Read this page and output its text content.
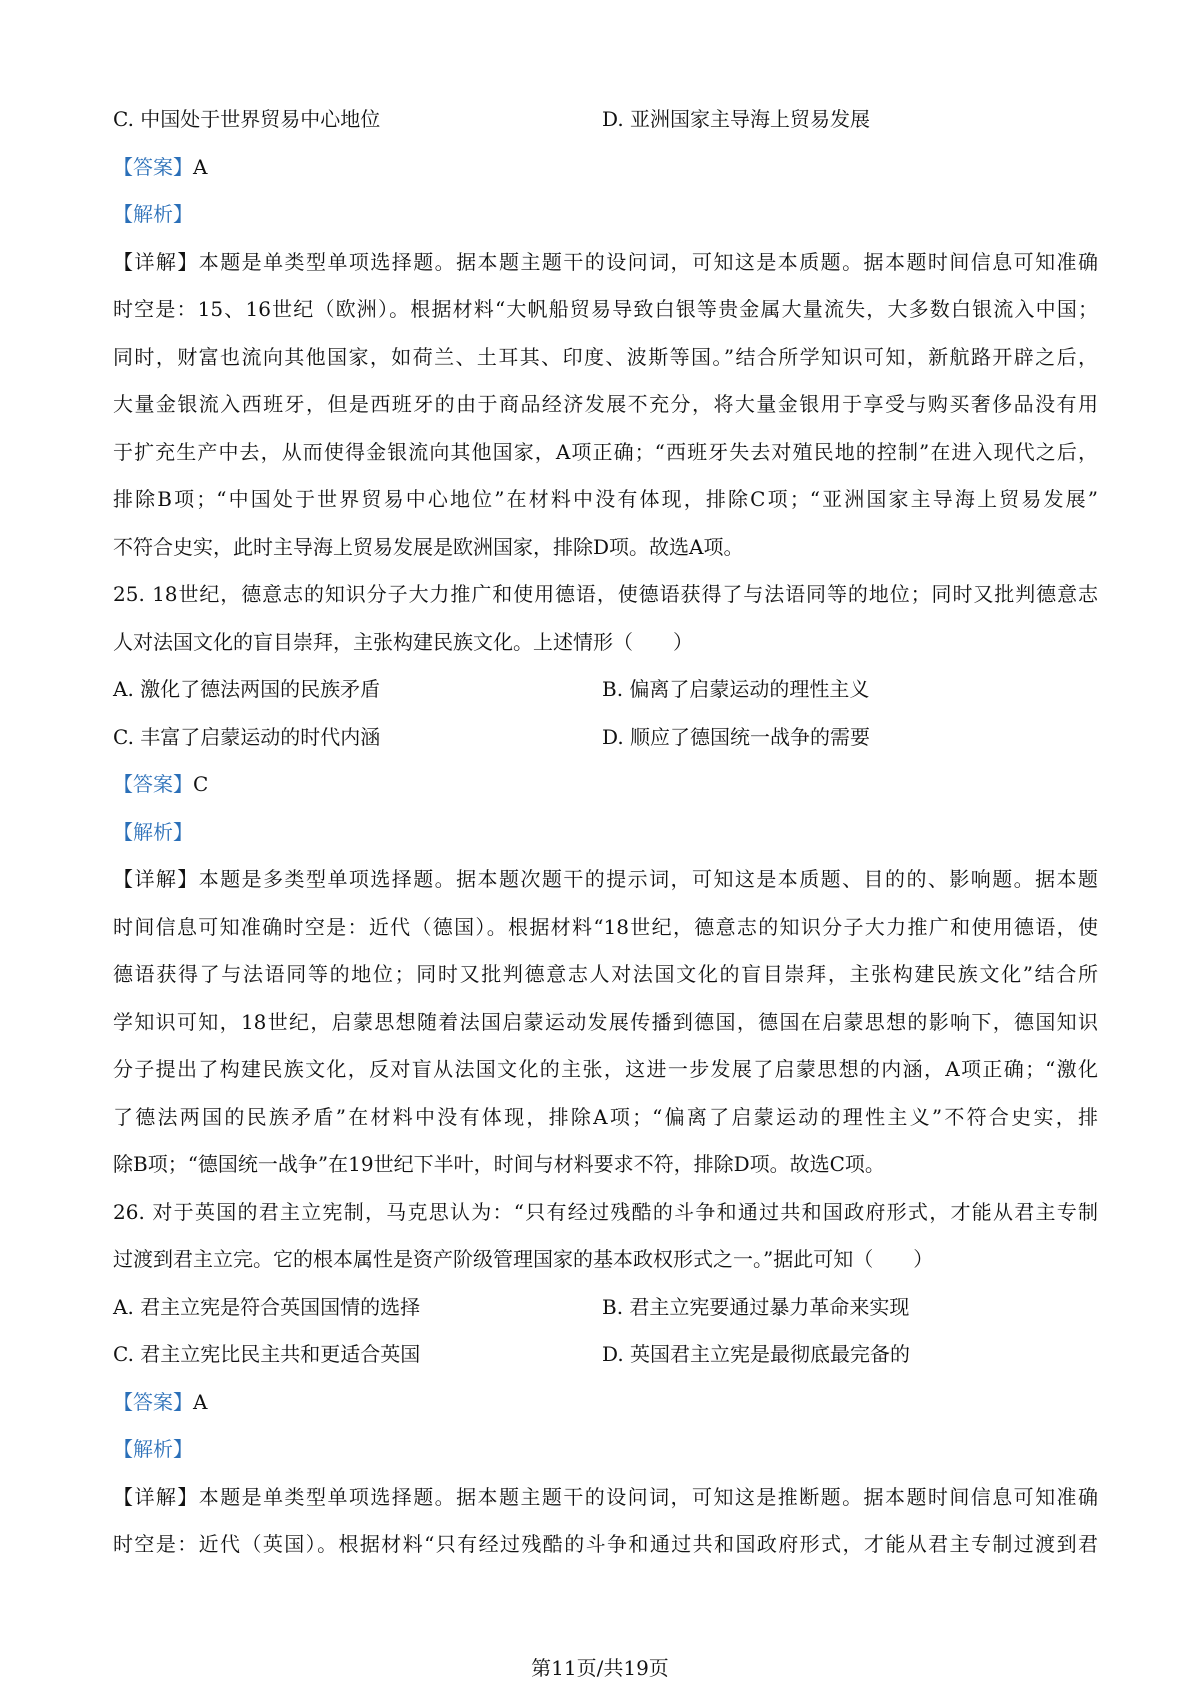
C. 中国处于世界贸易中心地位	D. 亚洲国家主导海上贸易发展
【答案】A
【解析】
【详解】本题是单类型单项选择题。据本题主题干的设问词，可知这是本质题。据本题时间信息可知准确
时空是：15、16世纪（欧洲）。根据材料“大帆船贸易导致白银等贵金属大量流失，大多数白银流入中国；
同时，财富也流向其他国家，如荷兰、土耳其、印度、波斯等国。”结合所学知识可知，新航路开辟之后，
大量金银流入西班牙，但是西班牙的由于商品经济发展不充分，将大量金银用于享受与购买奢侈品没有用
于扩充生产中去，从而使得金银流向其他国家，A项正确；“西班牙失去对殖民地的控制”在进入现代之后，
排除B项；“中国处于世界贸易中心地位”在材料中没有体现，排除C项；“亚洲国家主导海上贸易发展”
不符合史实，此时主导海上贸易发展是欧洲国家，排除D项。故选A项。
25. 18世纪，德意志的知识分子大力推广和使用德语，使德语获得了与法语同等的地位；同时又批判德意志
人对法国文化的盲目崇拜，主张构建民族文化。上述情形（　　）
A. 激化了德法两国的民族矛盾	B. 偏离了启蒙运动的理性主义
C. 丰富了启蒙运动的时代内涵	D. 顺应了德国统一战争的需要
【答案】C
【解析】
【详解】本题是多类型单项选择题。据本题次题干的提示词，可知这是本质题、目的的、影响题。据本题
时间信息可知准确时空是：近代（德国）。根据材料“18世纪，德意志的知识分子大力推广和使用德语，使
德语获得了与法语同等的地位；同时又批判德意志人对法国文化的盲目崇拜，主张构建民族文化”结合所
学知识可知，18世纪，启蒙思想随着法国启蒙运动发展传播到德国，德国在启蒙思想的影响下，德国知识
分子提出了构建民族文化，反对盲从法国文化的主张，这进一步发展了启蒙思想的内涵，A项正确；“激化
了德法两国的民族矛盾”在材料中没有体现，排除A项；“偏离了启蒙运动的理性主义”不符合史实，排
除B项；“德国统一战争”在19世纪下半叶，时间与材料要求不符，排除D项。故选C项。
26. 对于英国的君主立宪制，马克思认为：“只有经过残酷的斗争和通过共和国政府形式，才能从君主专制
过渡到君主立完。它的根本属性是资产阶级管理国家的基本政权形式之一。”据此可知（　　）
A. 君主立宪是符合英国国情的选择	B. 君主立宪要通过暴力革命来实现
C. 君主立宪比民主共和更适合英国	D. 英国君主立宪是最彻底最完备的
【答案】A
【解析】
【详解】本题是单类型单项选择题。据本题主题干的设问词，可知这是推断题。据本题时间信息可知准确
时空是：近代（英国）。根据材料“只有经过残酷的斗争和通过共和国政府形式，才能从君主专制过渡到君
第11页/共19页
